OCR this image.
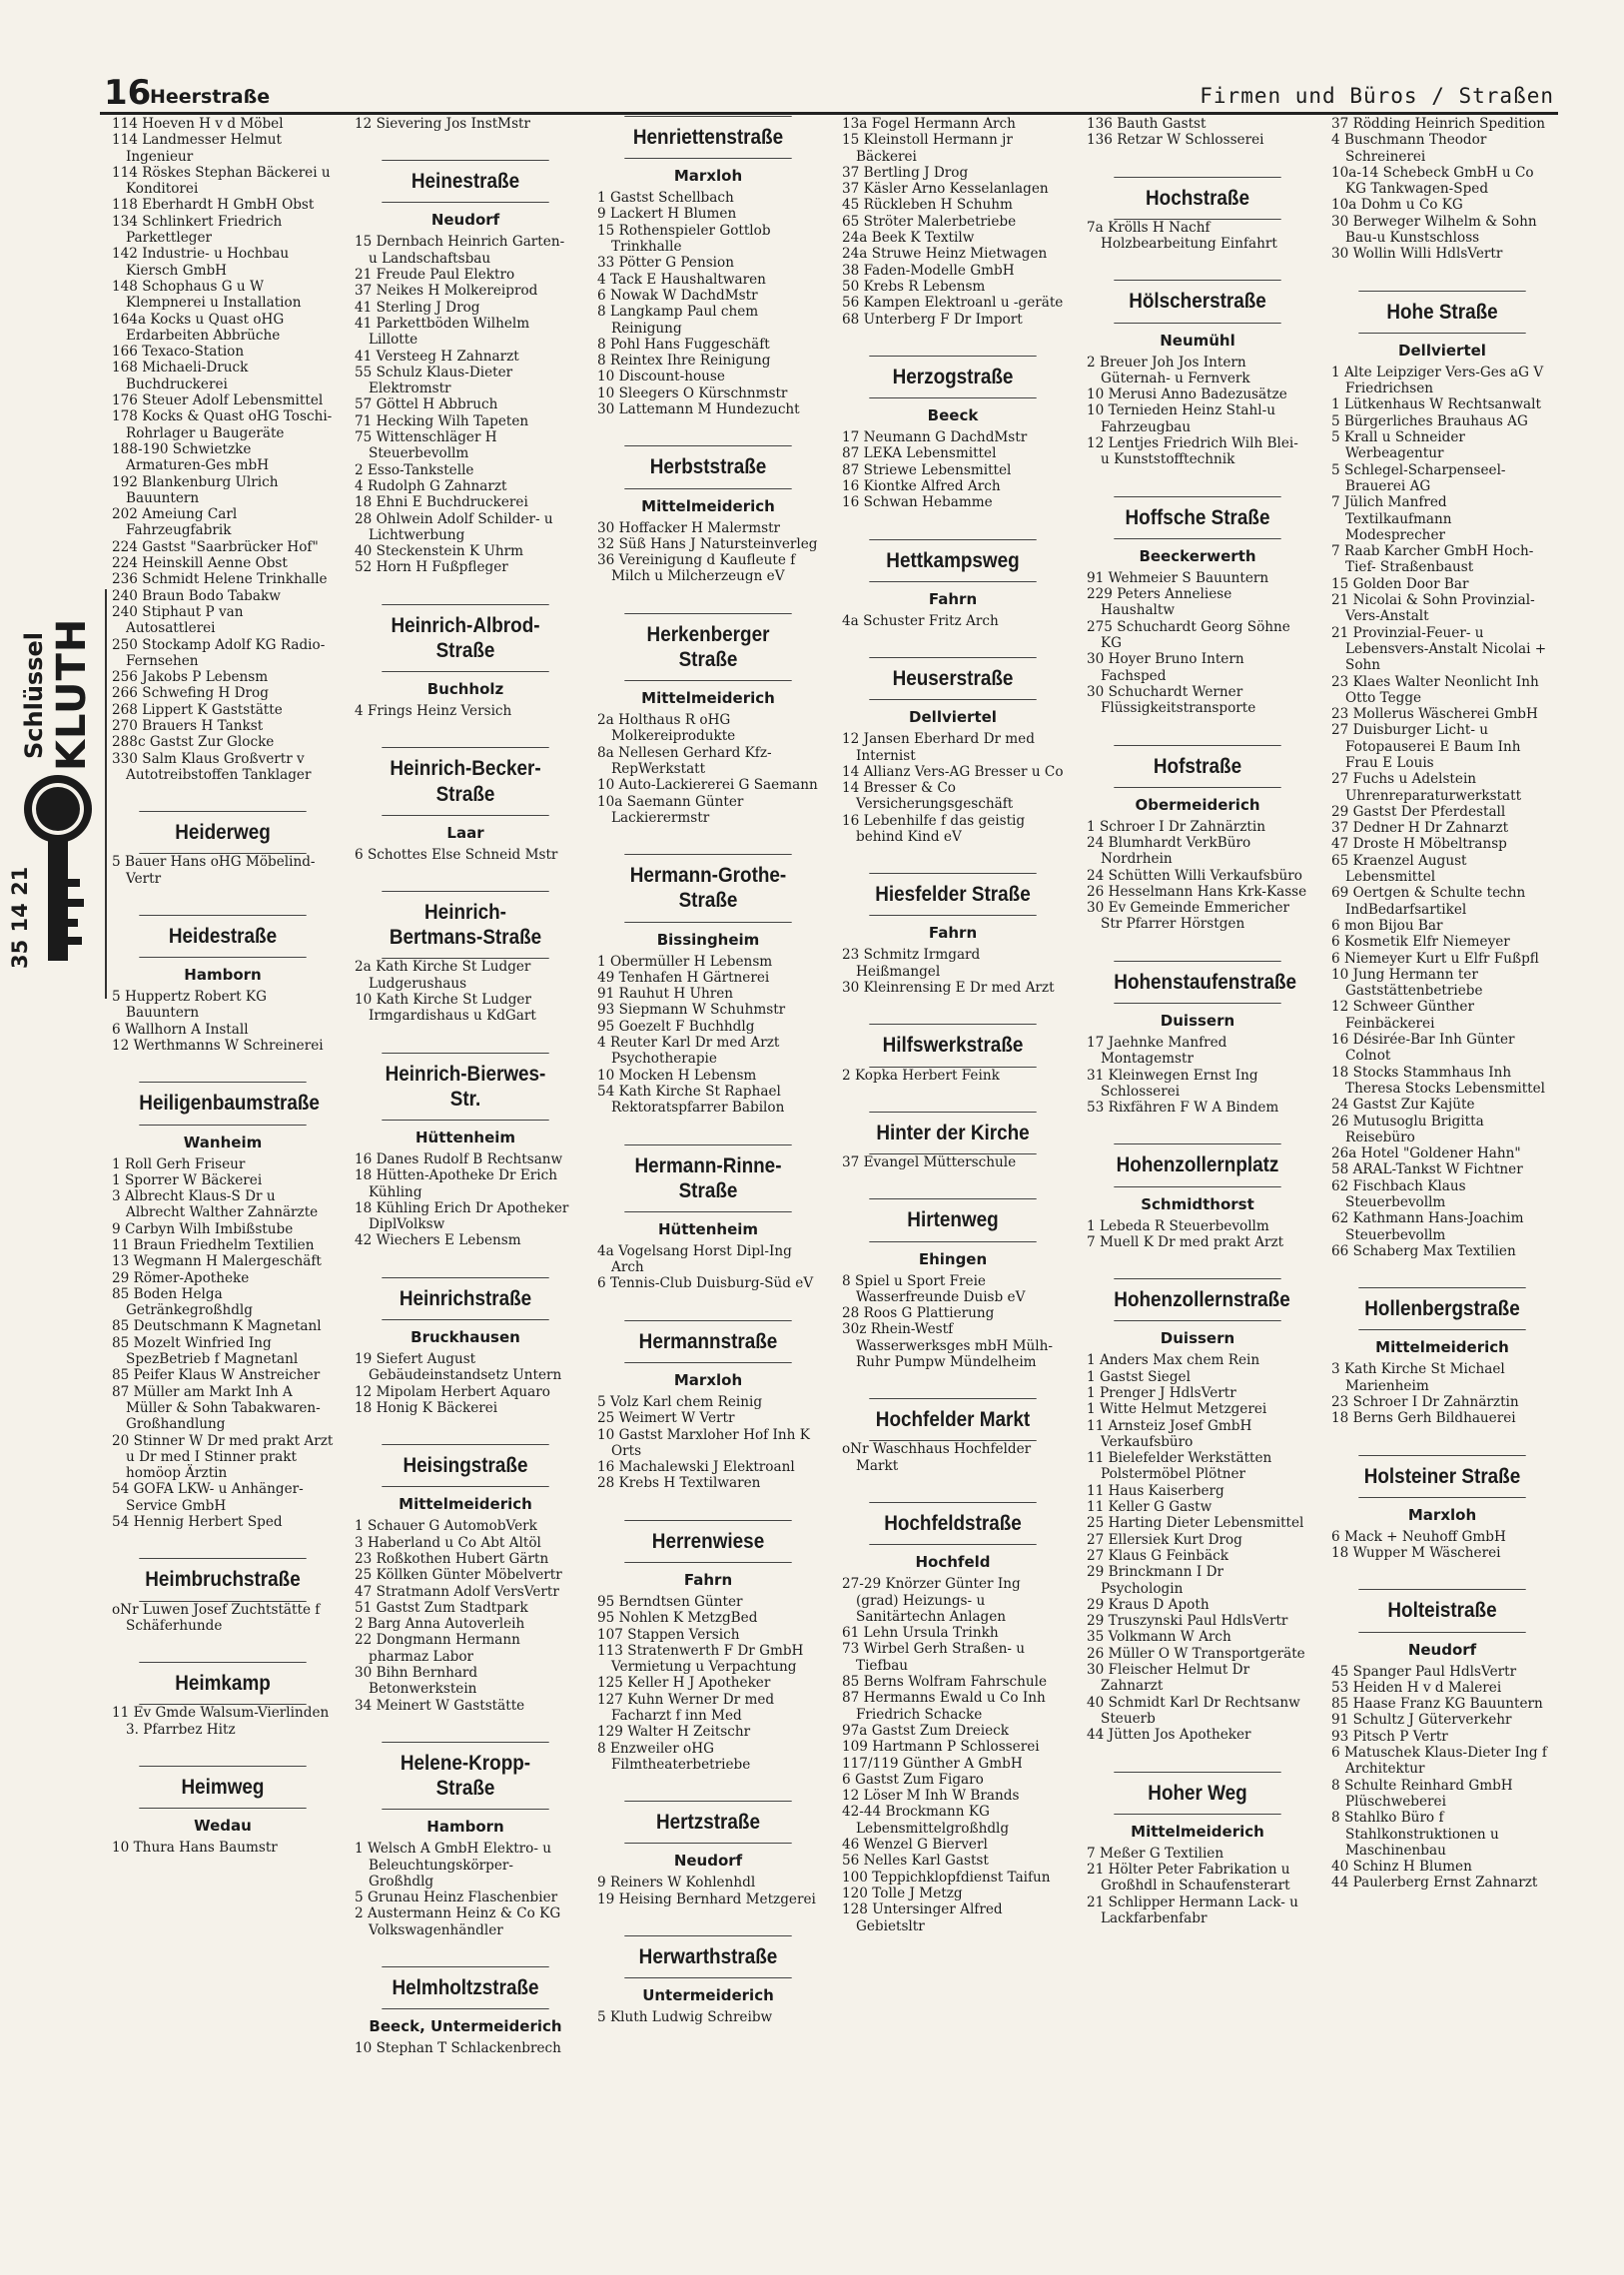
16
Heerstraße	Firmen und Büros / Straßen
Schlüssel KLUTH
35 14 21

114 Hoeven H v d Möbel

114 Landmesser Helmut Ingenieur

114 Röskes Stephan Bäckerei u Konditorei

118 Eberhardt H GmbH Obst

134 Schlinkert Friedrich Parkettleger

142 Industrie- u Hochbau Kiersch GmbH

148 Schophaus G u W Klempnerei u Installation

164a Kocks u Quast oHG Erdarbeiten Abbrüche

166 Texaco-Station

168 Michaeli-Druck Buchdruckerei

176 Steuer Adolf Lebensmittel

178 Kocks & Quast oHG Toschi-Rohrlager u Baugeräte

188-190 Schwietzke Armaturen-Ges mbH

192 Blankenburg Ulrich Bauuntern

202 Ameiung Carl Fahrzeugfabrik

224 Gastst "Saarbrücker Hof"

224 Heinskill Aenne Obst

236 Schmidt Helene Trinkhalle

240 Braun Bodo Tabakw

240 Stiphaut P van Autosattlerei

250 Stockamp Adolf KG Radio-Fernsehen

256 Jakobs P Lebensm

266 Schwefing H Drog

268 Lippert K Gaststätte

270 Brauers H Tankst

288c Gastst Zur Glocke

330 Salm Klaus Großvertr v Autotreibstoffen Tanklager

Heiderweg

5 Bauer Hans oHG Möbelind-Vertr

Heidestraße
Hamborn

5 Huppertz Robert KG Bauuntern

6 Wallhorn A Install

12 Werthmanns W Schreinerei

Heiligenbaumstraße
Wanheim

1 Roll Gerh Friseur

1 Sporrer W Bäckerei

3 Albrecht Klaus-S Dr u Albrecht Walther Zahnärzte

9 Carbyn Wilh Imbißstube

11 Braun Friedhelm Textilien

13 Wegmann H Malergeschäft

29 Römer-Apotheke

85 Boden Helga Getränkegroßhdlg

85 Deutschmann K Magnetanl

85 Mozelt Winfried Ing SpezBetrieb f Magnetanl

85 Peifer Klaus W Anstreicher

87 Müller am Markt Inh A Müller & Sohn Tabakwaren-Großhandlung

20 Stinner W Dr med prakt Arzt u Dr med I Stinner prakt homöop Ärztin

54 GOFA LKW- u Anhänger-Service GmbH

54 Hennig Herbert Sped

Heimbruchstraße

oNr Luwen Josef Zuchtstätte f Schäferhunde

Heimkamp

11 Ev Gmde Walsum-Vierlinden 3. Pfarrbez Hitz

Heimweg
Wedau

10 Thura Hans Baumstr

12 Sievering Jos InstMstr

Heinestraße
Neudorf

15 Dernbach Heinrich Garten- u Landschaftsbau

21 Freude Paul Elektro

37 Neikes H Molkereiprod

41 Sterling J Drog

41 Parkettböden Wilhelm Lillotte

41 Versteeg H Zahnarzt

55 Schulz Klaus-Dieter Elektromstr

57 Göttel H Abbruch

71 Hecking Wilh Tapeten

75 Wittenschläger H Steuerbevollm

2 Esso-Tankstelle

4 Rudolph G Zahnarzt

18 Ehni E Buchdruckerei

28 Ohlwein Adolf Schilder- u Lichtwerbung

40 Steckenstein K Uhrm

52 Horn H Fußpfleger

Heinrich-Albrod-Straße
Buchholz

4 Frings Heinz Versich

Heinrich-Becker-Straße
Laar

6 Schottes Else Schneid Mstr

Heinrich-Bertmans-Straße

2a Kath Kirche St Ludger Ludgerushaus

10 Kath Kirche St Ludger Irmgardishaus u KdGart

Heinrich-Bierwes-Str.
Hüttenheim

16 Danes Rudolf B Rechtsanw

18 Hütten-Apotheke Dr Erich Kühling

18 Kühling Erich Dr Apotheker DiplVolksw

42 Wiechers E Lebensm

Heinrichstraße
Bruckhausen

19 Siefert August Gebäudeinstandsetz Untern

12 Mipolam Herbert Aquaro

18 Honig K Bäckerei

Heisingstraße
Mittelmeiderich

1 Schauer G AutomobVerk

3 Haberland u Co Abt Altöl

23 Roßkothen Hubert Gärtn

25 Köllken Günter Möbelvertr

47 Stratmann Adolf VersVertr

51 Gastst Zum Stadtpark

2 Barg Anna Autoverleih

22 Dongmann Hermann pharmaz Labor

30 Bihn Bernhard Betonwerkstein

34 Meinert W Gaststätte

Helene-Kropp-Straße
Hamborn

1 Welsch A GmbH Elektro- u Beleuchtungskörper-Großhdlg

5 Grunau Heinz Flaschenbier

2 Austermann Heinz & Co KG Volkswagenhändler

Helmholtzstraße
Beeck, Untermeiderich

10 Stephan T Schlackenbrech

Henriettenstraße
Marxloh

1 Gastst Schellbach

9 Lackert H Blumen

15 Rothenspieler Gottlob Trinkhalle

33 Pötter G Pension

4 Tack E Haushaltwaren

6 Nowak W DachdMstr

8 Langkamp Paul chem Reinigung

8 Pohl Hans Fuggeschäft

8 Reintex Ihre Reinigung

10 Discount-house

10 Sleegers O Kürschnmstr

30 Lattemann M Hundezucht

Herbststraße
Mittelmeiderich

30 Hoffacker H Malermstr

32 Süß Hans J Natursteinverleg

36 Vereinigung d Kaufleute f Milch u Milcherzeugn eV

Herkenberger Straße
Mittelmeiderich

2a Holthaus R oHG Molkereiprodukte

8a Nellesen Gerhard Kfz-RepWerkstatt

10 Auto-Lackiererei G Saemann

10a Saemann Günter Lackierermstr

Hermann-Grothe-Straße
Bissingheim

1 Obermüller H Lebensm

49 Tenhafen H Gärtnerei

91 Rauhut H Uhren

93 Siepmann W Schuhmstr

95 Goezelt F Buchhdlg

4 Reuter Karl Dr med Arzt Psychotherapie

10 Mocken H Lebensm

54 Kath Kirche St Raphael Rektoratspfarrer Babilon

Hermann-Rinne-Straße
Hüttenheim

4a Vogelsang Horst Dipl-Ing Arch

6 Tennis-Club Duisburg-Süd eV

Hermannstraße
Marxloh

5 Volz Karl chem Reinig

25 Weimert W Vertr

10 Gastst Marxloher Hof Inh K Orts

16 Machalewski J Elektroanl

28 Krebs H Textilwaren

Herrenwiese
Fahrn

95 Berndtsen Günter

95 Nohlen K MetzgBed

107 Stappen Versich

113 Stratenwerth F Dr GmbH Vermietung u Verpachtung

125 Keller H J Apotheker

127 Kuhn Werner Dr med Facharzt f inn Med

129 Walter H Zeitschr

8 Enzweiler oHG Filmtheaterbetriebe

Hertzstraße
Neudorf

9 Reiners W Kohlenhdl

19 Heising Bernhard Metzgerei

Herwarthstraße
Untermeiderich

5 Kluth Ludwig Schreibw

13a Fogel Hermann Arch

15 Kleinstoll Hermann jr Bäckerei

37 Bertling J Drog

37 Käsler Arno Kesselanlagen

45 Rückleben H Schuhm

65 Ströter Malerbetriebe

24a Beek K Textilw

24a Struwe Heinz Mietwagen

38 Faden-Modelle GmbH

50 Krebs R Lebensm

56 Kampen Elektroanl u -geräte

68 Unterberg F Dr Import

Herzogstraße
Beeck

17 Neumann G DachdMstr

87 LEKA Lebensmittel

87 Striewe Lebensmittel

16 Kiontke Alfred Arch

16 Schwan Hebamme

Hettkampsweg
Fahrn

4a Schuster Fritz Arch

Heuserstraße
Dellviertel

12 Jansen Eberhard Dr med Internist

14 Allianz Vers-AG Bresser u Co

14 Bresser & Co Versicherungsgeschäft

16 Lebenhilfe f das geistig behind Kind eV

Hiesfelder Straße
Fahrn

23 Schmitz Irmgard Heißmangel

30 Kleinrensing E Dr med Arzt

Hilfswerkstraße

2 Kopka Herbert Feink

Hinter der Kirche

37 Evangel Mütterschule

Hirtenweg
Ehingen

8 Spiel u Sport Freie Wasserfreunde Duisb eV

28 Roos G Plattierung

30z Rhein-Westf Wasserwerksges mbH Mülh-Ruhr Pumpw Mündelheim

Hochfelder Markt

oNr Waschhaus Hochfelder Markt

Hochfeldstraße
Hochfeld

27-29 Knörzer Günter Ing (grad) Heizungs- u Sanitärtechn Anlagen

61 Lehn Ursula Trinkh

73 Wirbel Gerh Straßen- u Tiefbau

85 Berns Wolfram Fahrschule

87 Hermanns Ewald u Co Inh Friedrich Schacke

97a Gastst Zum Dreieck

109 Hartmann P Schlosserei

117/119 Günther A GmbH

6 Gastst Zum Figaro

12 Löser M Inh W Brands

42-44 Brockmann KG Lebensmittelgroßhdlg

46 Wenzel G Bierverl

56 Nelles Karl Gastst

100 Teppichklopfdienst Taifun

120 Tolle J Metzg

128 Untersinger Alfred Gebietsltr

136 Bauth Gastst

136 Retzar W Schlosserei

Hochstraße

7a Krölls H Nachf Holzbearbeitung Einfahrt

Hölscherstraße
Neumühl

2 Breuer Joh Jos Intern Güternah- u Fernverk

10 Merusi Anno Badezusätze

10 Ternieden Heinz Stahl-u Fahrzeugbau

12 Lentjes Friedrich Wilh Blei- u Kunststofftechnik

Hoffsche Straße
Beeckerwerth

91 Wehmeier S Bauuntern

229 Peters Anneliese Haushaltw

275 Schuchardt Georg Söhne KG

30 Hoyer Bruno Intern Fachsped

30 Schuchardt Werner Flüssigkeitstransporte

Hofstraße
Obermeiderich

1 Schroer I Dr Zahnärztin

24 Blumhardt VerkBüro Nordrhein

24 Schütten Willi Verkaufsbüro

26 Hesselmann Hans Krk-Kasse

30 Ev Gemeinde Emmericher Str Pfarrer Hörstgen

Hohenstaufenstraße
Duissern

17 Jaehnke Manfred Montagemstr

31 Kleinwegen Ernst Ing Schlosserei

53 Rixfähren F W A Bindem

Hohenzollernplatz
Schmidthorst

1 Lebeda R Steuerbevollm

7 Muell K Dr med prakt Arzt

Hohenzollernstraße
Duissern

1 Anders Max chem Rein

1 Gastst Siegel

1 Prenger J HdlsVertr

1 Witte Helmut Metzgerei

11 Arnsteiz Josef GmbH Verkaufsbüro

11 Bielefelder Werkstätten Polstermöbel Plötner

11 Haus Kaiserberg

11 Keller G Gastw

25 Harting Dieter Lebensmittel

27 Ellersiek Kurt Drog

27 Klaus G Feinbäck

29 Brinckmann I Dr Psychologin

29 Kraus D Apoth

29 Truszynski Paul HdlsVertr

35 Volkmann W Arch

26 Müller O W Transportgeräte

30 Fleischer Helmut Dr Zahnarzt

40 Schmidt Karl Dr Rechtsanw Steuerb

44 Jütten Jos Apotheker

Hoher Weg
Mittelmeiderich

7 Meßer G Textilien

21 Hölter Peter Fabrikation u Großhdl in Schaufensterart

21 Schlipper Hermann Lack- u Lackfarbenfabr

37 Rödding Heinrich Spedition

4 Buschmann Theodor Schreinerei

10a-14 Schebeck GmbH u Co KG Tankwagen-Sped

10a Dohm u Co KG

30 Berweger Wilhelm & Sohn Bau-u Kunstschloss

30 Wollin Willi HdlsVertr

Hohe Straße
Dellviertel

1 Alte Leipziger Vers-Ges aG V Friedrichsen

1 Lütkenhaus W Rechtsanwalt

5 Bürgerliches Brauhaus AG

5 Krall u Schneider Werbeagentur

5 Schlegel-Scharpenseel-Brauerei AG

7 Jülich Manfred Textilkaufmann Modesprecher

7 Raab Karcher GmbH Hoch- Tief- Straßenbaust

15 Golden Door Bar

21 Nicolai & Sohn Provinzial-Vers-Anstalt

21 Provinzial-Feuer- u Lebensvers-Anstalt Nicolai + Sohn

23 Klaes Walter Neonlicht Inh Otto Tegge

23 Mollerus Wäscherei GmbH

27 Duisburger Licht- u Fotopauserei E Baum Inh Frau E Louis

27 Fuchs u Adelstein Uhrenreparaturwerkstatt

29 Gastst Der Pferdestall

37 Dedner H Dr Zahnarzt

47 Droste H Möbeltransp

65 Kraenzel August Lebensmittel

69 Oertgen & Schulte techn IndBedarfsartikel

6 mon Bijou Bar

6 Kosmetik Elfr Niemeyer

6 Niemeyer Kurt u Elfr Fußpfl

10 Jung Hermann ter Gaststättenbetriebe

12 Schweer Günther Feinbäckerei

16 Désirée-Bar Inh Günter Colnot

18 Stocks Stammhaus Inh Theresa Stocks Lebensmittel

24 Gastst Zur Kajüte

26 Mutusoglu Brigitta Reisebüro

26a Hotel "Goldener Hahn"

58 ARAL-Tankst W Fichtner

62 Fischbach Klaus Steuerbevollm

62 Kathmann Hans-Joachim Steuerbevollm

66 Schaberg Max Textilien

Hollenbergstraße
Mittelmeiderich

3 Kath Kirche St Michael Marienheim

23 Schroer I Dr Zahnärztin

18 Berns Gerh Bildhauerei

Holsteiner Straße
Marxloh

6 Mack + Neuhoff GmbH

18 Wupper M Wäscherei

Holteistraße
Neudorf

45 Spanger Paul HdlsVertr

53 Heiden H v d Malerei

85 Haase Franz KG Bauuntern

91 Schultz J Güterverkehr

93 Pitsch P Vertr

6 Matuschek Klaus-Dieter Ing f Architektur

8 Schulte Reinhard GmbH Plüschweberei

8 Stahlko Büro f Stahlkonstruktionen u Maschinenbau

40 Schinz H Blumen

44 Paulerberg Ernst Zahnarzt
